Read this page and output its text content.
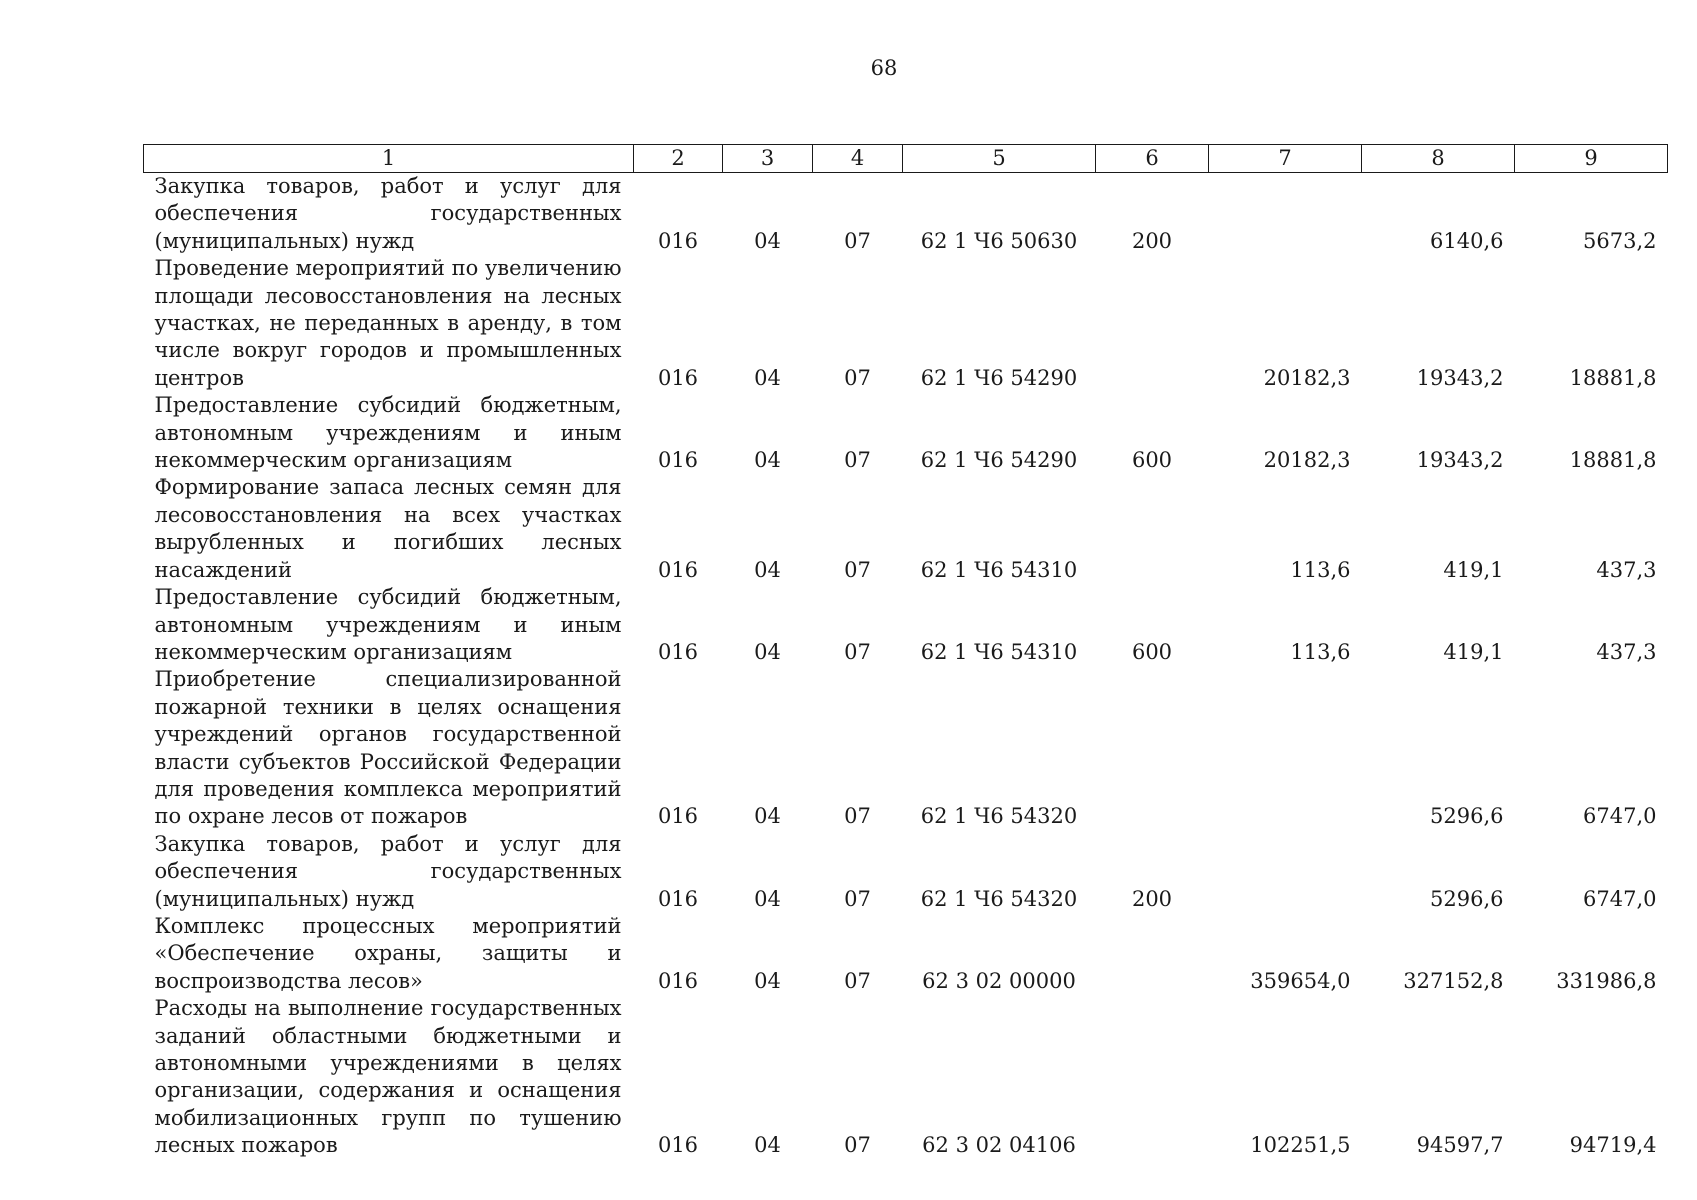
68
1	2	3	4	5	6	7	8	9
Закупка товаров, работ и услуг для обеспечения государственных (муниципальных) нужд	016	04	07	62 1 Ч6 50630	200		6140,6	5673,2
Проведение мероприятий по увеличению площади лесовосстановления на лесных участках, не переданных в аренду, в том числе вокруг городов и промышленных центров	016	04	07	62 1 Ч6 54290		20182,3	19343,2	18881,8
Предоставление субсидий бюджетным, автономным учреждениям и иным некоммерческим организациям	016	04	07	62 1 Ч6 54290	600	20182,3	19343,2	18881,8
Формирование запаса лесных семян для лесовосстановления на всех участках вырубленных и погибших лесных насаждений	016	04	07	62 1 Ч6 54310		113,6	419,1	437,3
Предоставление субсидий бюджетным, автономным учреждениям и иным некоммерческим организациям	016	04	07	62 1 Ч6 54310	600	113,6	419,1	437,3
Приобретение специализированной пожарной техники в целях оснащения учреждений органов государственной власти субъектов Российской Федерации для проведения комплекса мероприятий по охране лесов от пожаров	016	04	07	62 1 Ч6 54320			5296,6	6747,0
Закупка товаров, работ и услуг для обеспечения государственных (муниципальных) нужд	016	04	07	62 1 Ч6 54320	200		5296,6	6747,0
Комплекс процессных мероприятий «Обеспечение охраны, защиты и воспроизводства лесов»	016	04	07	62 3 02 00000		359654,0	327152,8	331986,8
Расходы на выполнение государственных заданий областными бюджетными и автономными учреждениями в целях организации, содержания и оснащения мобилизационных групп по тушению лесных пожаров	016	04	07	62 3 02 04106		102251,5	94597,7	94719,4
